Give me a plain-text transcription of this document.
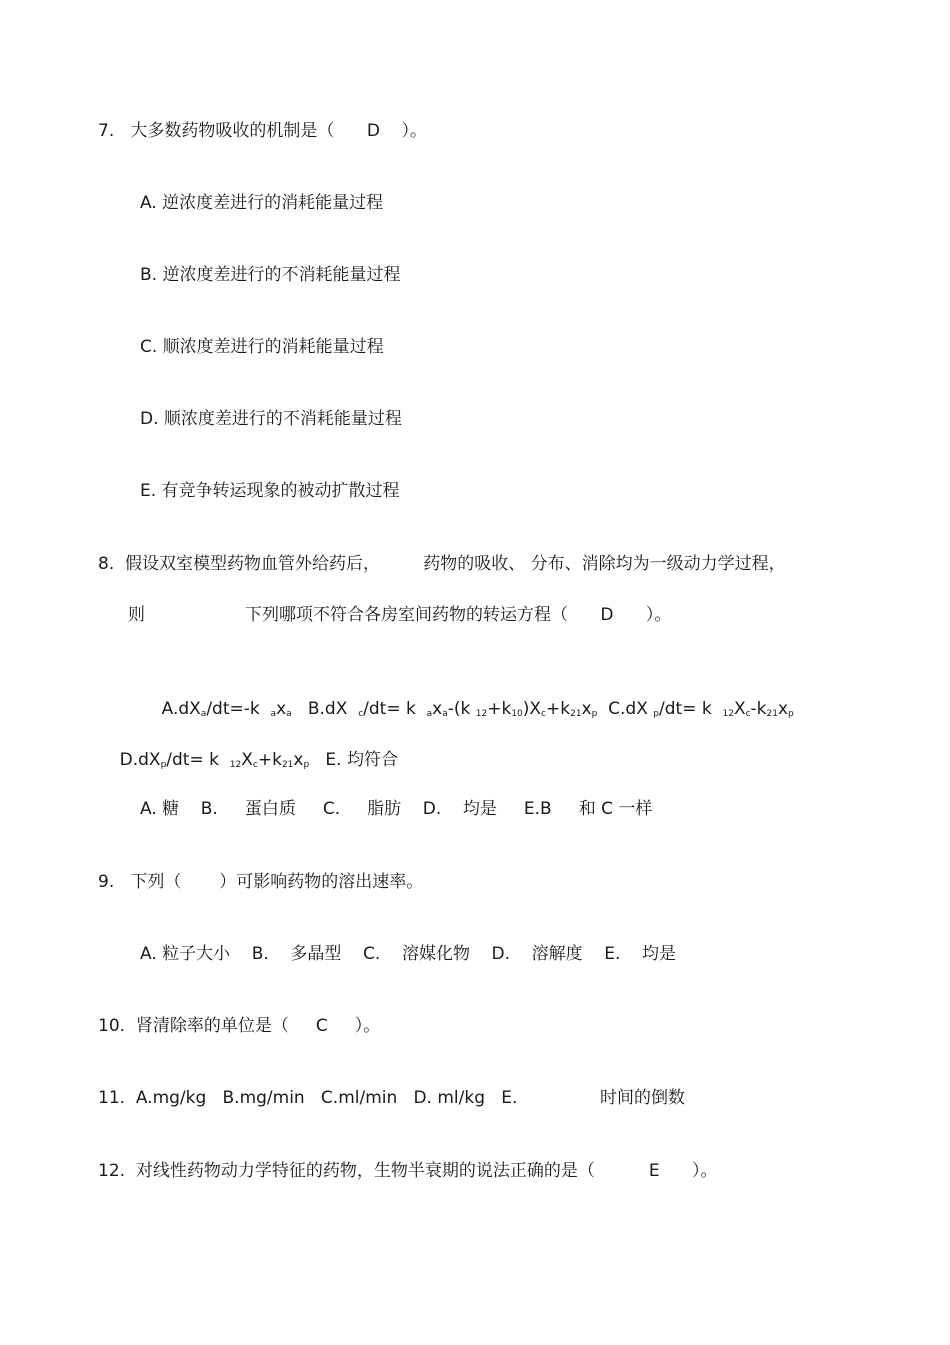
7.   大多数药物吸收的机制是（      D    ）。
A. 逆浓度差进行的消耗能量过程
B. 逆浓度差进行的不消耗能量过程
C. 顺浓度差进行的消耗能量过程
D. 顺浓度差进行的不消耗能量过程
E. 有竞争转运现象的被动扩散过程
8.  假设双室模型药物血管外给药后，        药物的吸收、 分布、消除均为一级动力学过程，
则	下列哪项不符合各房室间药物的转运方程（      D      ）。

$A.dX_a/dt=-k$ $_ax_a$ B.dX $_c$/dt= k $_ax_a-(k$ $_{12}+k_{10})X_c+k_{21}x_p$ C.dX $_p$/dt= k $_{12}X_c-k_{21}x_p$

$D.dX_p/dt= k$ $_{12}X_c+k_{21}x_p$ E. 均符合

A. 糖    B.     蛋白质     C.     脂肪    D.    均是     E.B     和 C 一样
9.   下列（       ）可影响药物的溶出速率。
A. 粒子大小    B.    多晶型    C.    溶媒化物    D.    溶解度    E.    均是
10.  肾清除率的单位是（     C     ）。
11.  A.mg/kg   B.mg/min   C.ml/min   D. ml/kg   E.	时间的倒数
12.  对线性药物动力学特征的药物，生物半衰期的说法正确的是（          E      ）。
